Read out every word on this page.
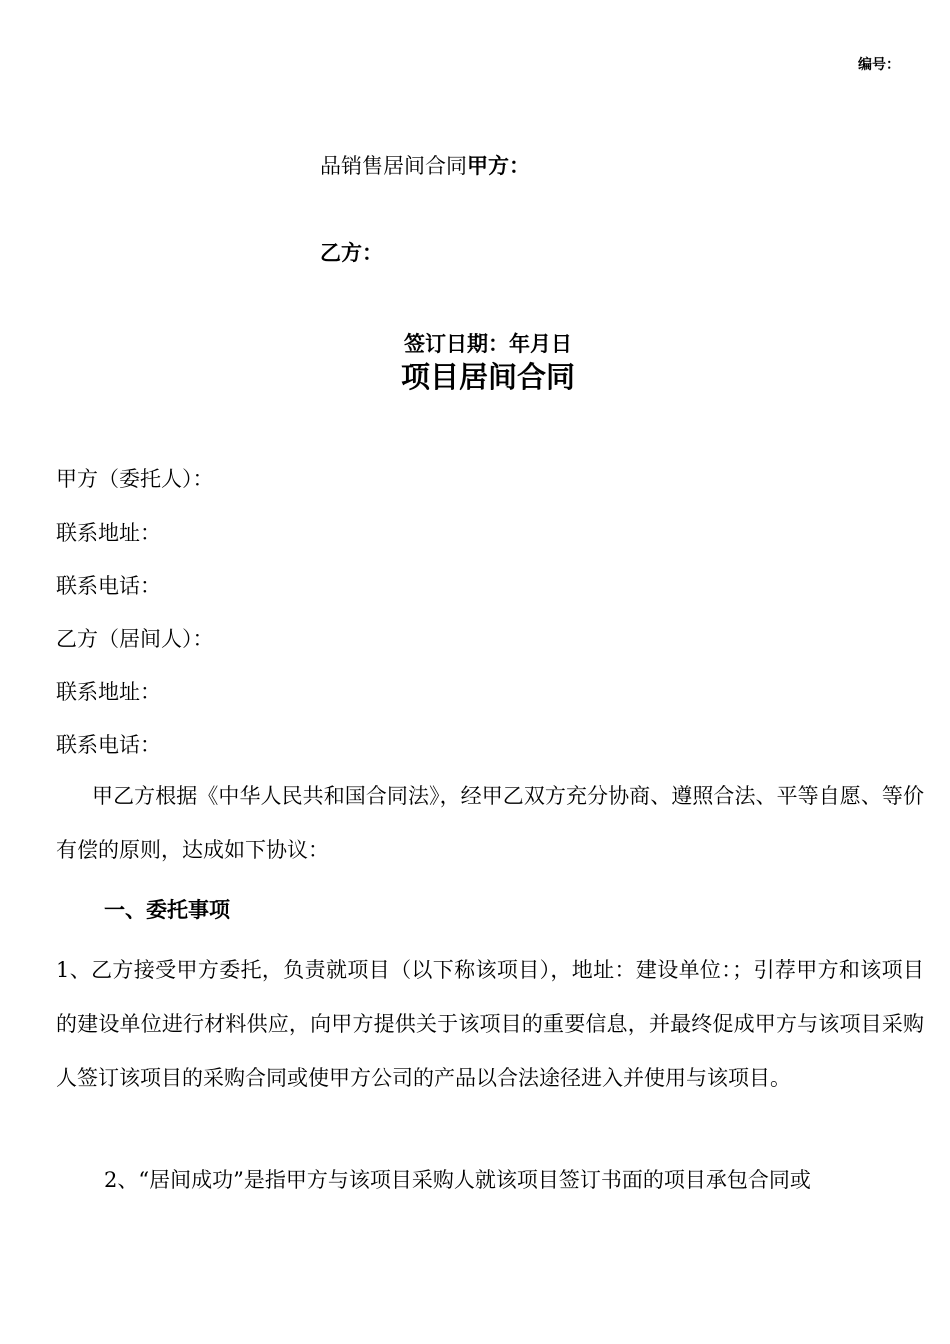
编号：
品销售居间合同甲方：
乙方：
签订日期：年月日
项目居间合同
甲方（委托人）：
联系地址：
联系电话：
乙方（居间人）：
联系地址：
联系电话：

甲乙方根据《中华人民共和国合同法》，经甲乙双方充分协商、遵照合法、平等自愿、等价有偿的原则，达成如下协议：

一、委托事项

1、乙方接受甲方委托，负责就项目（以下称该项目），地址：建设单位：；引荐甲方和该项目的建设单位进行材料供应，向甲方提供关于该项目的重要信息，并最终促成甲方与该项目采购人签订该项目的采购合同或使甲方公司的产品以合法途径进入并使用与该项目。

2、“居间成功”是指甲方与该项目采购人就该项目签订书面的项目承包合同或
